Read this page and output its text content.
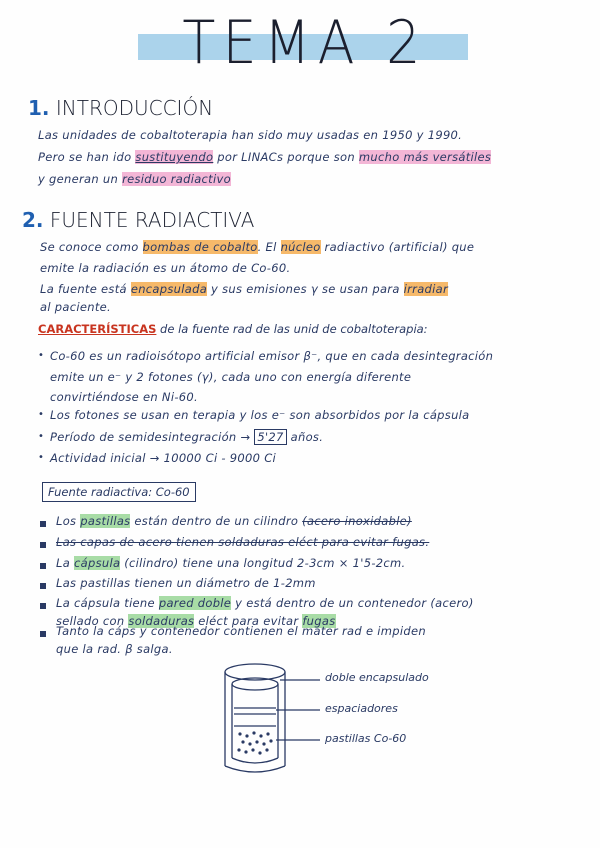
TEMA 2
1. INTRODUCCIÓN
Las unidades de cobaltoterapia han sido muy usadas en 1950 y 1990.
Pero se han ido sustituyendo por LINACs porque son mucho más versátiles
y generan un residuo radiactivo
2. FUENTE RADIACTIVA
Se conoce como bombas de cobalto. El núcleo radiactivo (artificial) que
emite la radiación es un átomo de Co-60.
La fuente está encapsulada y sus emisiones γ se usan para irradiar
al paciente.
CARACTERÍSTICAS de la fuente rad de las unid de cobaltoterapia:
• Co-60 es un radioisótopo artificial emisor β⁻, que en cada desintegración
emite un e⁻ y 2 fotones (γ), cada uno con energía diferente
convirtiéndose en Ni-60.
• Los fotones se usan en terapia y los e⁻ son absorbidos por la cápsula
• Período de semidesintegración → 5'27 años.
• Actividad inicial → 10000 Ci - 9000 Ci
Fuente radiactiva: Co-60
Los pastillas están dentro de un cilindro (acero inoxidable)
Las capas de acero tienen soldaduras eléct para evitar fugas.
La cápsula (cilindro) tiene una longitud 2-3cm × 1'5-2cm.
Las pastillas tienen un diámetro de 1-2mm
La cápsula tiene pared doble y está dentro de un contenedor (acero)
sellado con soldaduras eléct para evitar fugas
Tanto la cáps y contenedor contienen el mater rad e impiden
que la rad. β salga.
doble encapsulado
espaciadores
pastillas Co-60
